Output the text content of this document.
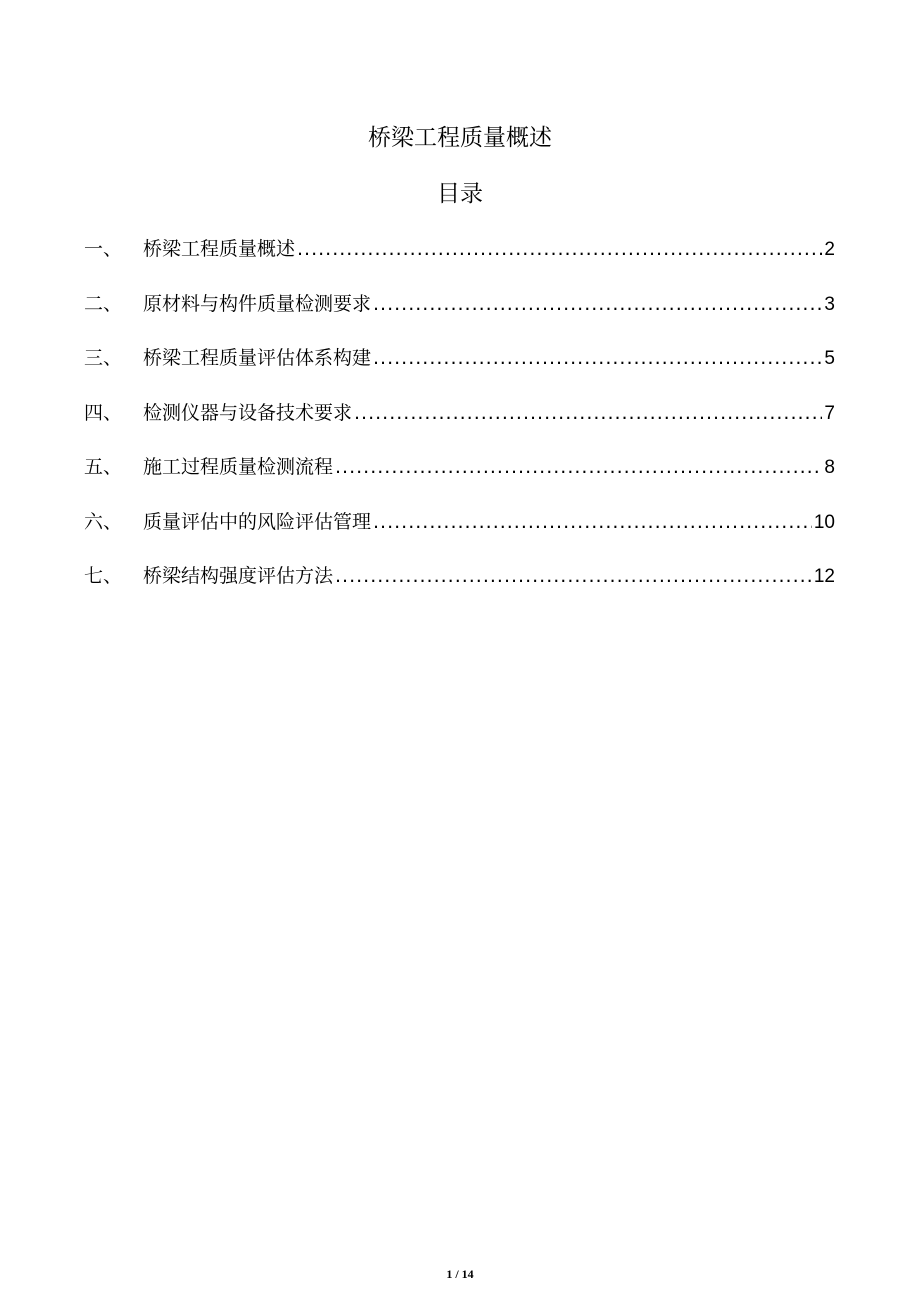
桥梁工程质量概述
目录
一、	桥梁工程质量概述 .....	2
二、	原材料与构件质量检测要求 .....	3
三、	桥梁工程质量评估体系构建 .....	5
四、	检测仪器与设备技术要求 .....	7
五、	施工过程质量检测流程 .....	8
六、	质量评估中的风险评估管理 .....	10
七、	桥梁结构强度评估方法 .....	12
1 / 14
